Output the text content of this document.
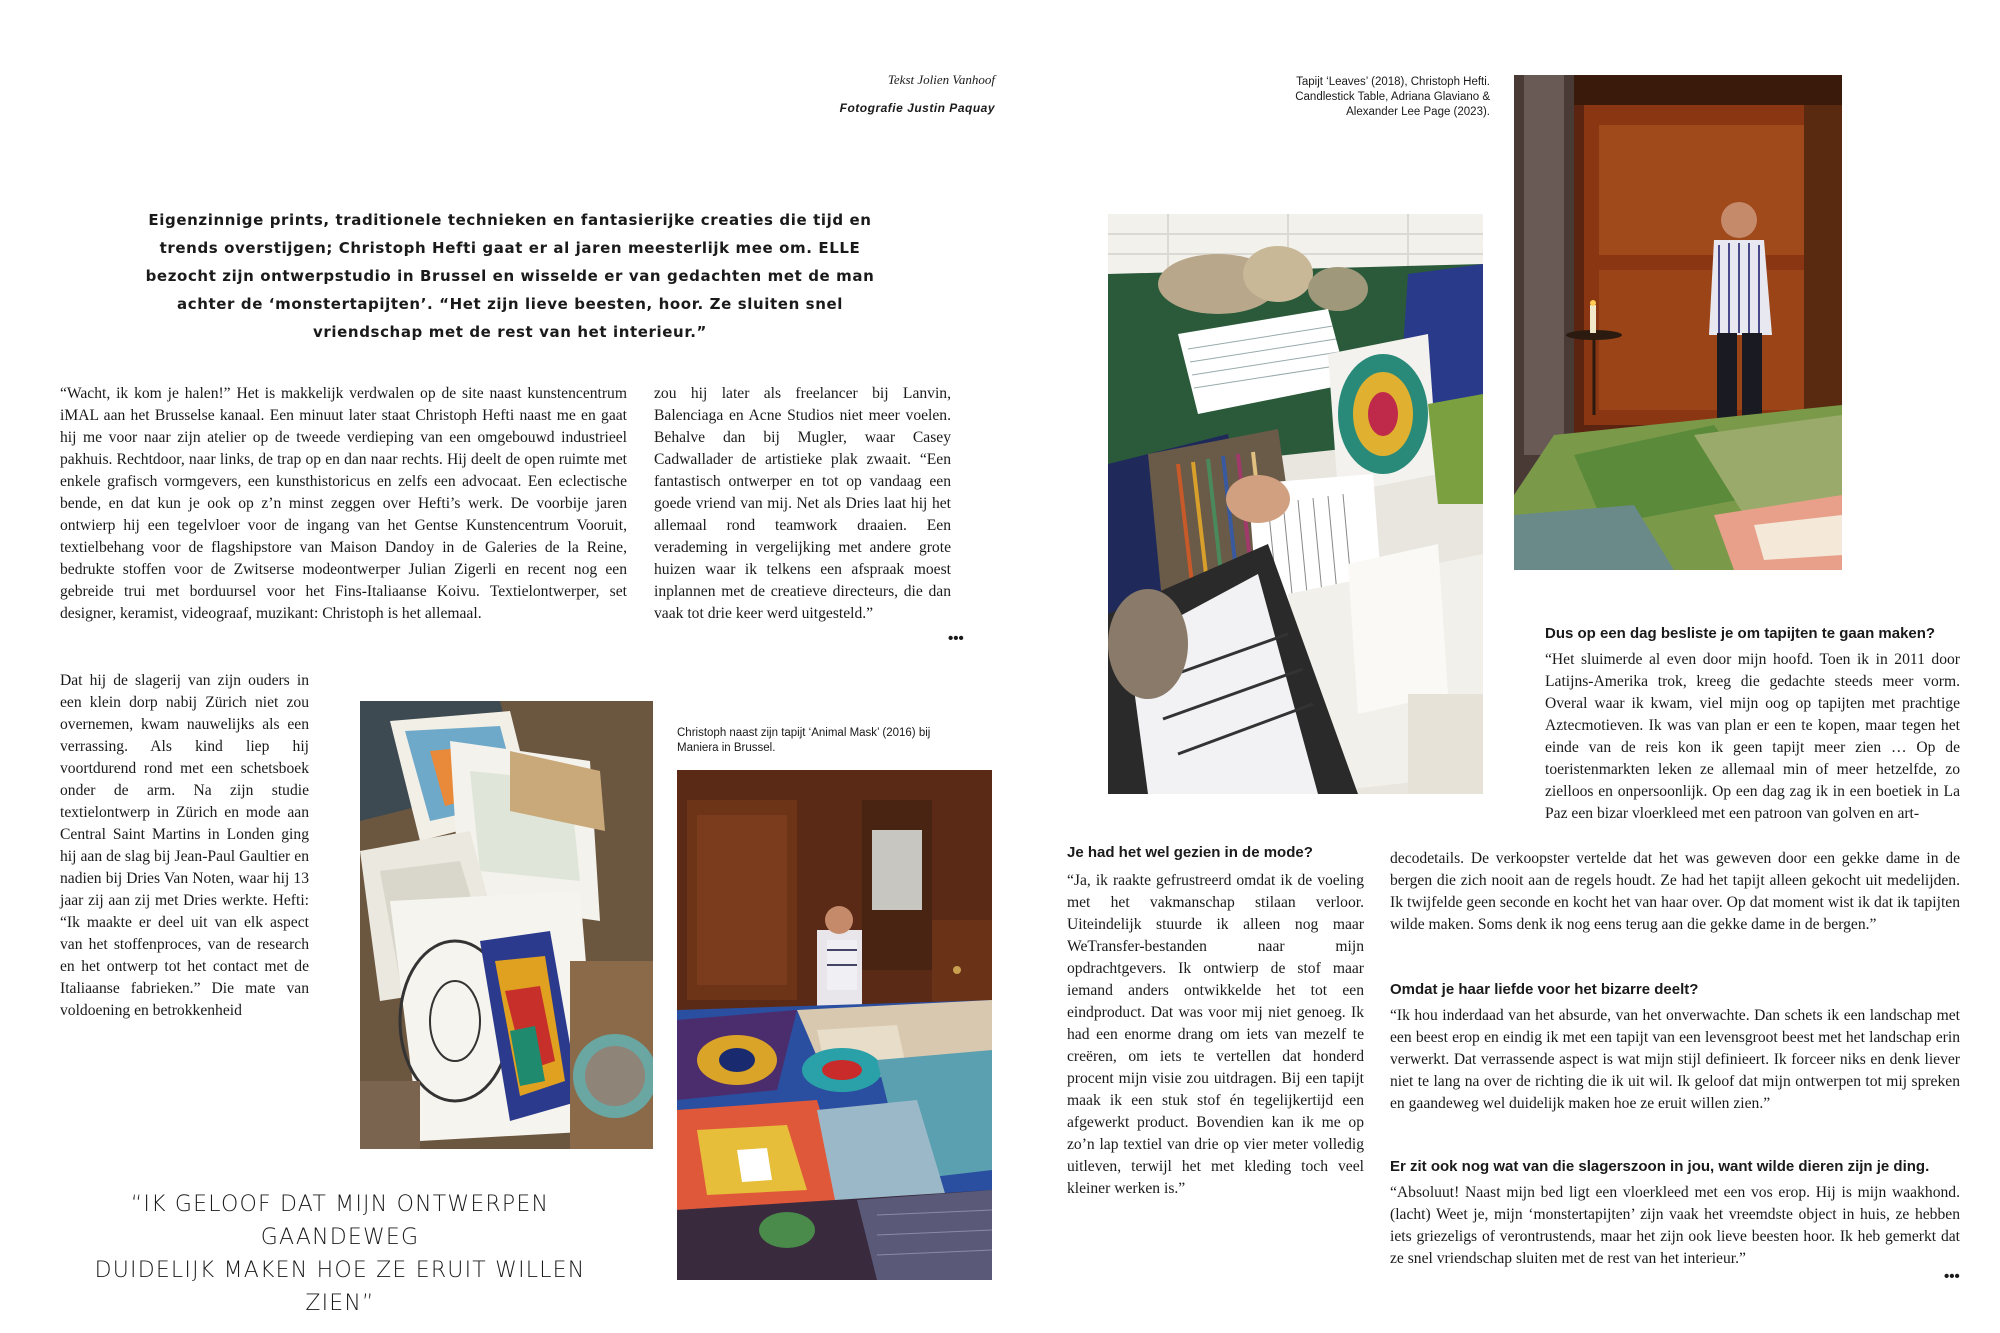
Tekst Jolien Vanhoof
Fotografie Justin Paquay
Eigenzinnige prints, traditionele technieken en fantasierijke creaties die tijd en trends overstijgen; Christoph Hefti gaat er al jaren meesterlijk mee om. ELLE bezocht zijn ontwerpstudio in Brussel en wisselde er van gedachten met de man achter de ‘monstertapijten’. “Het zijn lieve beesten, hoor. Ze sluiten snel vriendschap met de rest van het interieur.”
“Wacht, ik kom je halen!” Het is makkelijk verdwalen op de site naast kunstencentrum iMAL aan het Brusselse kanaal. Een minuut later staat Christoph Hefti naast me en gaat hij me voor naar zijn atelier op de tweede verdieping van een omgebouwd industrieel pakhuis. Rechtdoor, naar links, de trap op en dan naar rechts. Hij deelt de open ruimte met enkele grafisch vormgevers, een kunsthistoricus en zelfs een advocaat. Een eclectische bende, en dat kun je ook op z’n minst zeggen over Hefti’s werk. De voorbije jaren ontwierp hij een tegelvloer voor de ingang van het Gentse Kunstencentrum Vooruit, textielbehang voor de flagshipstore van Maison Dandoy in de Galeries de la Reine, bedrukte stoffen voor de Zwitserse modeontwerper Julian Zigerli en recent nog een gebreide trui met borduursel voor het Fins-Italiaanse Koivu. Textielontwerper, set designer, keramist, videograaf, muzikant: Christoph is het allemaal.
Dat hij de slagerij van zijn ouders in een klein dorp nabij Zürich niet zou overnemen, kwam nauwelijks als een verrassing. Als kind liep hij voortdurend rond met een schetsboek onder de arm. Na zijn studie textielontwerp in Zürich en mode aan Central Saint Martins in Londen ging hij aan de slag bij Jean-Paul Gaultier en nadien bij Dries Van Noten, waar hij 13 jaar zij aan zij met Dries werkte. Hefti: “Ik maakte er deel uit van elk aspect van het stoffenproces, van de research en het ontwerp tot het contact met de Italiaanse fabrieken.” Die mate van voldoening en betrokkenheid
zou hij later als freelancer bij Lanvin, Balenciaga en Acne Studios niet meer voelen. Behalve dan bij Mugler, waar Casey Cadwallader de artistieke plak zwaait. “Een fantastisch ontwerper en tot op vandaag een goede vriend van mij. Net als Dries laat hij het allemaal rond teamwork draaien. Een verademing in vergelijking met andere grote huizen waar ik telkens een afspraak moest inplannen met de creatieve directeurs, die dan vaak tot drie keer werd uitgesteld.”
•••
Christoph naast zijn tapijt ‘Animal Mask’ (2016) bij Maniera in Brussel.
“IK GELOOF DAT MIJN ONTWERPEN GAANDEWEG
DUIDELIJK MAKEN HOE ZE ERUIT WILLEN ZIEN”
Tapijt ‘Leaves’ (2018), Christoph Hefti. Candlestick Table, Adriana Glaviano & Alexander Lee Page (2023).
Je had het wel gezien in de mode?
“Ja, ik raakte gefrustreerd omdat ik de voeling met het vakmanschap stilaan verloor. Uiteindelijk stuurde ik alleen nog maar WeTransfer-bestanden naar mijn opdrachtgevers. Ik ontwierp de stof maar iemand anders ontwikkelde het tot een eindproduct. Dat was voor mij niet genoeg. Ik had een enorme drang om iets van mezelf te creëren, om iets te vertellen dat honderd procent mijn visie zou uitdragen. Bij een tapijt maak ik een stuk stof én tegelijkertijd een afgewerkt product. Bovendien kan ik me op zo’n lap textiel van drie op vier meter volledig uitleven, terwijl het met kleding toch veel kleiner werken is.”
Dus op een dag besliste je om tapijten te gaan maken?
“Het sluimerde al even door mijn hoofd. Toen ik in 2011 door Latijns-Amerika trok, kreeg die gedachte steeds meer vorm. Overal waar ik kwam, viel mijn oog op tapijten met prachtige Aztecmotieven. Ik was van plan er een te kopen, maar tegen het einde van de reis kon ik geen tapijt meer zien … Op de toeristenmarkten leken ze allemaal min of meer hetzelfde, zo zielloos en onpersoonlijk. Op een dag zag ik in een boetiek in La Paz een bizar vloerkleed met een patroon van golven en art-
decodetails. De verkoopster vertelde dat het was geweven door een gekke dame in de bergen die zich nooit aan de regels houdt. Ze had het tapijt alleen gekocht uit medelijden. Ik twijfelde geen seconde en kocht het van haar over. Op dat moment wist ik dat ik tapijten wilde maken. Soms denk ik nog eens terug aan die gekke dame in de bergen.”
Omdat je haar liefde voor het bizarre deelt?
“Ik hou inderdaad van het absurde, van het onverwachte. Dan schets ik een landschap met een beest erop en eindig ik met een tapijt van een levensgroot beest met het landschap erin verwerkt. Dat verrassende aspect is wat mijn stijl definieert. Ik forceer niks en denk liever niet te lang na over de richting die ik uit wil. Ik geloof dat mijn ontwerpen tot mij spreken en gaandeweg wel duidelijk maken hoe ze eruit willen zien.”
Er zit ook nog wat van die slagerszoon in jou, want wilde dieren zijn je ding.
“Absoluut! Naast mijn bed ligt een vloerkleed met een vos erop. Hij is mijn waakhond. (lacht) Weet je, mijn ‘monstertapijten’ zijn vaak het vreemdste object in huis, ze hebben iets griezeligs of verontrustends, maar het zijn ook lieve beesten hoor. Ik heb gemerkt dat ze snel vriendschap sluiten met de rest van het interieur.”
•••
